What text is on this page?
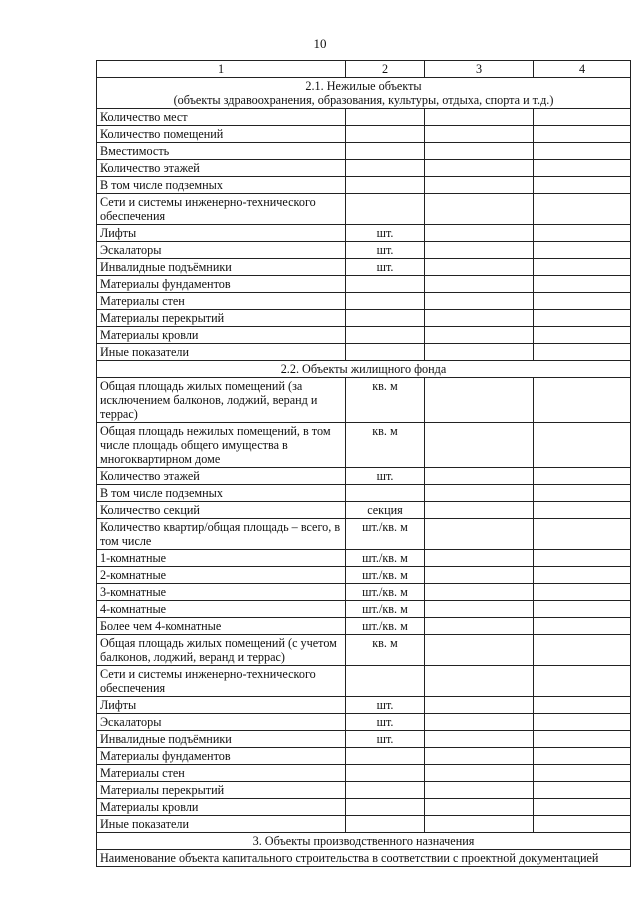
10
1	2	3	4

2.1. Нежилые объекты
(объекты здравоохранения, образования, культуры, отдыха, спорта и т.д.)			

Количество мест			
Количество помещений			
Вместимость			
Количество этажей			
В том числе подземных			
Сети и системы инженерно-технического обеспечения			
Лифты	шт.		
Эскалаторы	шт.		
Инвалидные подъёмники	шт.		
Материалы фундаментов			
Материалы стен			
Материалы перекрытий			
Материалы кровли			
Иные показатели			
2.2. Объекты жилищного фонда			
Общая площадь жилых помещений (за исключением балконов, лоджий, веранд и террас)	кв. м		
Общая площадь нежилых помещений, в том числе площадь общего имущества в многоквартирном доме	кв. м		
Количество этажей	шт.		
В том числе подземных			
Количество секций	секция		
Количество квартир/общая площадь – всего, в том числе	шт./кв. м		
1-комнатные	шт./кв. м		
2-комнатные	шт./кв. м		
3-комнатные	шт./кв. м		
4-комнатные	шт./кв. м		
Более чем 4-комнатные	шт./кв. м		
Общая площадь жилых помещений (с учетом балконов, лоджий, веранд и террас)	кв. м		
Сети и системы инженерно-технического обеспечения			
Лифты	шт.		
Эскалаторы	шт.		
Инвалидные подъёмники	шт.		
Материалы фундаментов			
Материалы стен			
Материалы перекрытий			
Материалы кровли			
Иные показатели			
3. Объекты производственного назначения			
Наименование объекта капитального строительства в соответствии с проектной документацией			
